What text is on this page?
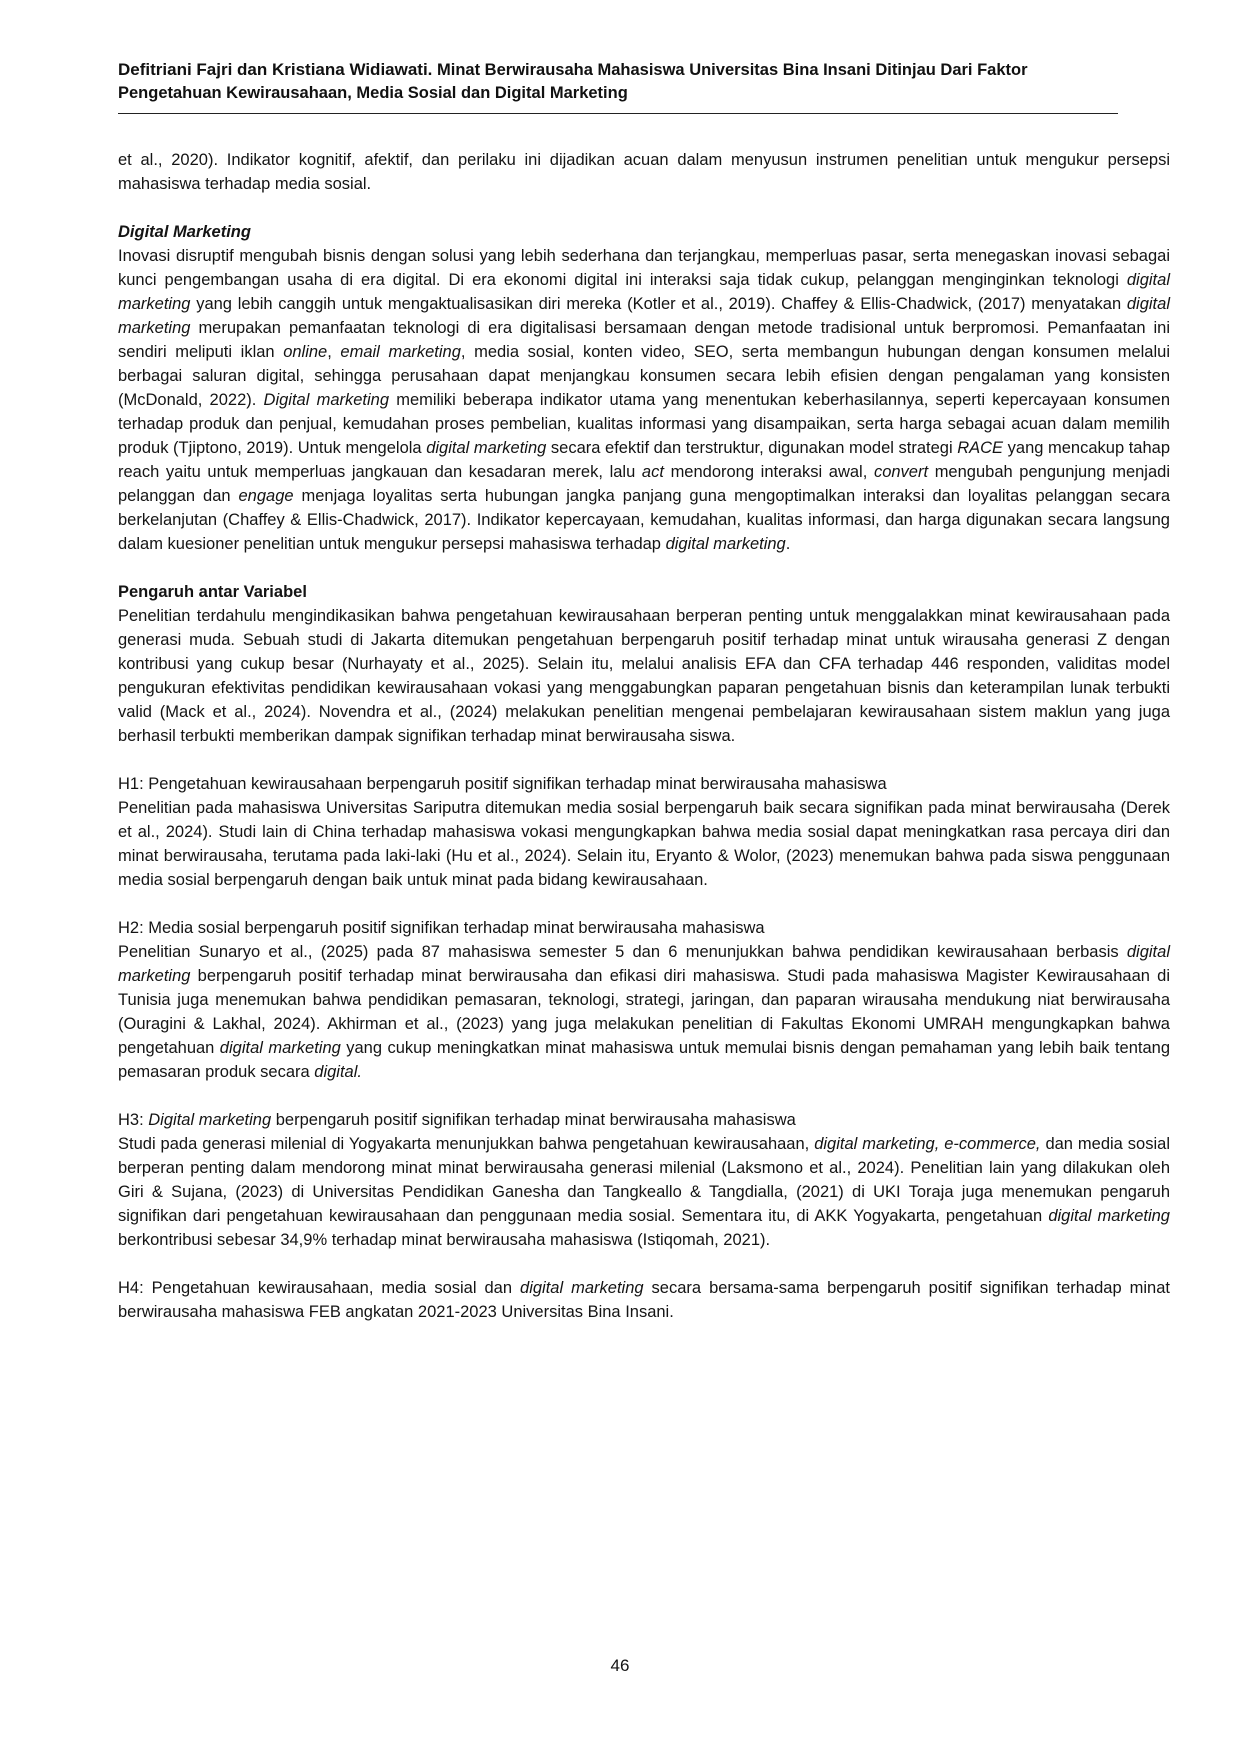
Defitriani Fajri dan Kristiana Widiawati. Minat Berwirausaha Mahasiswa Universitas Bina Insani Ditinjau Dari Faktor
Pengetahuan Kewirausahaan, Media Sosial dan Digital Marketing

et al., 2020). Indikator kognitif, afektif, dan perilaku ini dijadikan acuan dalam menyusun instrumen penelitian untuk mengukur persepsi mahasiswa terhadap media sosial.

Digital Marketing

Inovasi disruptif mengubah bisnis dengan solusi yang lebih sederhana dan terjangkau, memperluas pasar, serta menegaskan inovasi sebagai kunci pengembangan usaha di era digital. Di era ekonomi digital ini interaksi saja tidak cukup, pelanggan menginginkan teknologi digital marketing yang lebih canggih untuk mengaktualisasikan diri mereka (Kotler et al., 2019). Chaffey & Ellis-Chadwick, (2017) menyatakan digital marketing merupakan pemanfaatan teknologi di era digitalisasi bersamaan dengan metode tradisional untuk berpromosi. Pemanfaatan ini sendiri meliputi iklan online, email marketing, media sosial, konten video, SEO, serta membangun hubungan dengan konsumen melalui berbagai saluran digital, sehingga perusahaan dapat menjangkau konsumen secara lebih efisien dengan pengalaman yang konsisten (McDonald, 2022). Digital marketing memiliki beberapa indikator utama yang menentukan keberhasilannya, seperti kepercayaan konsumen terhadap produk dan penjual, kemudahan proses pembelian, kualitas informasi yang disampaikan, serta harga sebagai acuan dalam memilih produk (Tjiptono, 2019). Untuk mengelola digital marketing secara efektif dan terstruktur, digunakan model strategi RACE yang mencakup tahap reach yaitu untuk memperluas jangkauan dan kesadaran merek, lalu act mendorong interaksi awal, convert mengubah pengunjung menjadi pelanggan dan engage menjaga loyalitas serta hubungan jangka panjang guna mengoptimalkan interaksi dan loyalitas pelanggan secara berkelanjutan (Chaffey & Ellis-Chadwick, 2017). Indikator kepercayaan, kemudahan, kualitas informasi, dan harga digunakan secara langsung dalam kuesioner penelitian untuk mengukur persepsi mahasiswa terhadap digital marketing.

Pengaruh antar Variabel

Penelitian terdahulu mengindikasikan bahwa pengetahuan kewirausahaan berperan penting untuk menggalakkan minat kewirausahaan pada generasi muda. Sebuah studi di Jakarta ditemukan pengetahuan berpengaruh positif terhadap minat untuk wirausaha generasi Z dengan kontribusi yang cukup besar (Nurhayaty et al., 2025). Selain itu, melalui analisis EFA dan CFA terhadap 446 responden, validitas model pengukuran efektivitas pendidikan kewirausahaan vokasi yang menggabungkan paparan pengetahuan bisnis dan keterampilan lunak terbukti valid (Mack et al., 2024). Novendra et al., (2024) melakukan penelitian mengenai pembelajaran kewirausahaan sistem maklun yang juga berhasil terbukti memberikan dampak signifikan terhadap minat berwirausaha siswa.

H1: Pengetahuan kewirausahaan berpengaruh positif signifikan terhadap minat berwirausaha mahasiswa

Penelitian pada mahasiswa Universitas Sariputra ditemukan media sosial berpengaruh baik secara signifikan pada minat berwirausaha (Derek et al., 2024). Studi lain di China terhadap mahasiswa vokasi mengungkapkan bahwa media sosial dapat meningkatkan rasa percaya diri dan minat berwirausaha, terutama pada laki-laki (Hu et al., 2024). Selain itu, Eryanto & Wolor, (2023) menemukan bahwa pada siswa penggunaan media sosial berpengaruh dengan baik untuk minat pada bidang kewirausahaan.

H2: Media sosial berpengaruh positif signifikan terhadap minat berwirausaha mahasiswa

Penelitian Sunaryo et al., (2025) pada 87 mahasiswa semester 5 dan 6 menunjukkan bahwa pendidikan kewirausahaan berbasis digital marketing berpengaruh positif terhadap minat berwirausaha dan efikasi diri mahasiswa. Studi pada mahasiswa Magister Kewirausahaan di Tunisia juga menemukan bahwa pendidikan pemasaran, teknologi, strategi, jaringan, dan paparan wirausaha mendukung niat berwirausaha (Ouragini & Lakhal, 2024). Akhirman et al., (2023) yang juga melakukan penelitian di Fakultas Ekonomi UMRAH mengungkapkan bahwa pengetahuan digital marketing yang cukup meningkatkan minat mahasiswa untuk memulai bisnis dengan pemahaman yang lebih baik tentang pemasaran produk secara digital.

H3: Digital marketing berpengaruh positif signifikan terhadap minat berwirausaha mahasiswa

Studi pada generasi milenial di Yogyakarta menunjukkan bahwa pengetahuan kewirausahaan, digital marketing, e-commerce, dan media sosial berperan penting dalam mendorong minat minat berwirausaha generasi milenial (Laksmono et al., 2024). Penelitian lain yang dilakukan oleh Giri & Sujana, (2023) di Universitas Pendidikan Ganesha dan Tangkeallo & Tangdialla, (2021) di UKI Toraja juga menemukan pengaruh signifikan dari pengetahuan kewirausahaan dan penggunaan media sosial. Sementara itu, di AKK Yogyakarta, pengetahuan digital marketing berkontribusi sebesar 34,9% terhadap minat berwirausaha mahasiswa (Istiqomah, 2021).

H4: Pengetahuan kewirausahaan, media sosial dan digital marketing secara bersama-sama berpengaruh positif signifikan terhadap minat berwirausaha mahasiswa FEB angkatan 2021-2023 Universitas Bina Insani.

46
